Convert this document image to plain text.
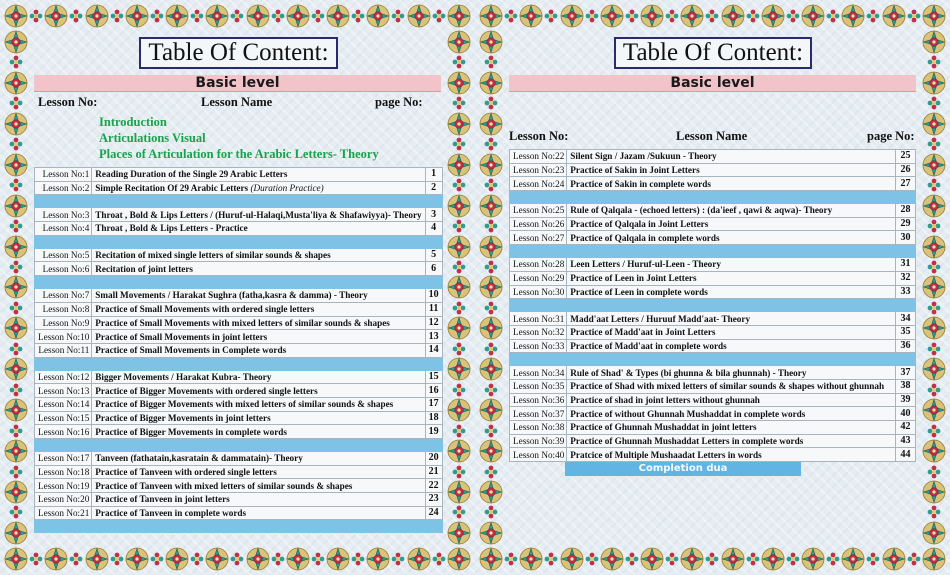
Table Of Content:
Basic level
Lesson No:	Lesson Name	page No:
Introduction
Articulations Visual
Places of Articulation for the Arabic Letters- Theory
Lesson No:1	Reading Duration of the Single 29 Arabic Letters	1
Lesson No:2	Simple Recitation Of 29 Arabic Letters (Duration Practice)	2

Lesson No:3	Throat , Bold & Lips Letters / (Huruf-ul-Halaqi,Musta'liya & Shafawiyya)- Theory	3
Lesson No:4	Throat , Bold & Lips Letters - Practice	4

Lesson No:5	Recitation of mixed single letters of similar sounds & shapes	5
Lesson No:6	Recitation of joint letters	6

Lesson No:7	Small Movements / Harakat Sughra (fatha,kasra & damma) - Theory	10
Lesson No:8	Practice of Small Movements with ordered single letters	11
Lesson No:9	Practice of Small Movements with mixed letters of similar sounds & shapes	12
Lesson No:10	Practice of Small Movements in joint letters	13
Lesson No:11	Practice of Small Movements in Complete words	14

Lesson No:12	Bigger Movements / Harakat Kubra- Theory	15
Lesson No:13	Practice of Bigger Movements with ordered single letters	16
Lesson No:14	Practice of Bigger Movements with mixed letters of similar sounds & shapes	17
Lesson No:15	Practice of Bigger Movements in joint letters	18
Lesson No:16	Practice of Bigger Movements in complete words	19

Lesson No:17	Tanveen (fathatain,kasratain & dammatain)- Theory	20
Lesson No:18	Practice of Tanveen with ordered single letters	21
Lesson No:19	Practice of Tanveen with mixed letters of similar sounds & shapes	22
Lesson No:20	Practice of Tanveen in joint letters	23
Lesson No:21	Practice of Tanveen in complete words	24

Table Of Content:
Basic level
Lesson No:	Lesson Name	page No:
Lesson No:22	Silent Sign / Jazam /Sukuun - Theory	25
Lesson No:23	Practice of Sakin in Joint Letters	26
Lesson No:24	Practice of Sakin in complete words	27

Lesson No:25	Rule of Qalqala - (echoed letters) : (da'ieef , qawi & aqwa)- Theory	28
Lesson No:26	Practice of Qalqala in Joint Letters	29
Lesson No:27	Practice of Qalqala in complete words	30

Lesson No:28	Leen Letters / Huruf-ul-Leen - Theory	31
Lesson No:29	Practice of Leen in Joint Letters	32
Lesson No:30	Practice of Leen in complete words	33

Lesson No:31	Madd'aat Letters / Huruuf Madd'aat- Theory	34
Lesson No:32	Practice of Madd'aat in Joint Letters	35
Lesson No:33	Practice of Madd'aat in complete words	36

Lesson No:34	Rule of Shad' & Types (bi ghunna & bila ghunnah) - Theory	37
Lesson No:35	Practice of Shad with mixed letters of similar sounds & shapes without ghunnah	38
Lesson No:36	Practice of shad in joint letters without ghunnah	39
Lesson No:37	Practice of without Ghunnah Mushaddat in complete words	40
Lesson No:38	Practice of Ghunnah Mushaddat in joint letters	42
Lesson No:39	Practice of Ghunnah Mushaddat Letters in complete words	43
Lesson No:40	Pratcice of Multiple Mushaadat Letters in words	44
Completion dua
